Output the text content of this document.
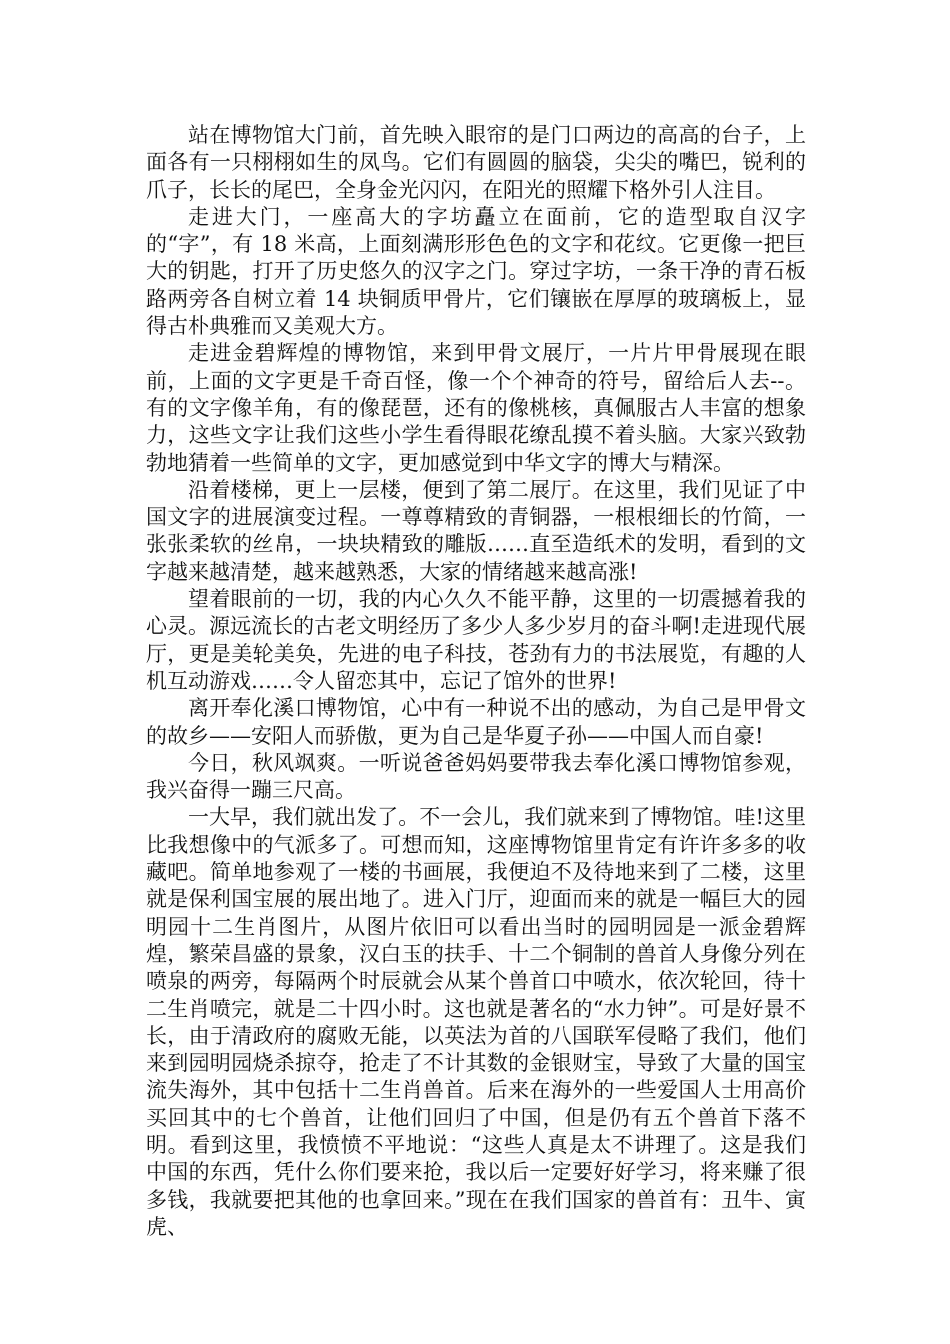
站在博物馆大门前，首先映入眼帘的是门口两边的高高的台子，上面各有一只栩栩如生的凤鸟。它们有圆圆的脑袋，尖尖的嘴巴，锐利的爪子，长长的尾巴，全身金光闪闪，在阳光的照耀下格外引人注目。

走进大门，一座高大的字坊矗立在面前，它的造型取自汉字的“字”，有 18 米高，上面刻满形形色色的文字和花纹。它更像一把巨大的钥匙，打开了历史悠久的汉字之门。穿过字坊，一条干净的青石板路两旁各自树立着 14 块铜质甲骨片，它们镶嵌在厚厚的玻璃板上，显得古朴典雅而又美观大方。

走进金碧辉煌的博物馆，来到甲骨文展厅，一片片甲骨展现在眼前，上面的文字更是千奇百怪，像一个个神奇的符号，留给后人去--。有的文字像羊角，有的像琵琶，还有的像桃核，真佩服古人丰富的想象力，这些文字让我们这些小学生看得眼花缭乱摸不着头脑。大家兴致勃勃地猜着一些简单的文字，更加感觉到中华文字的博大与精深。

沿着楼梯，更上一层楼，便到了第二展厅。在这里，我们见证了中国文字的进展演变过程。一尊尊精致的青铜器，一根根细长的竹简，一张张柔软的丝帛，一块块精致的雕版……直至造纸术的发明，看到的文字越来越清楚，越来越熟悉，大家的情绪越来越高涨!

望着眼前的一切，我的内心久久不能平静，这里的一切震撼着我的心灵。源远流长的古老文明经历了多少人多少岁月的奋斗啊!走进现代展厅，更是美轮美奂，先进的电子科技，苍劲有力的书法展览，有趣的人机互动游戏……令人留恋其中，忘记了馆外的世界!

离开奉化溪口博物馆，心中有一种说不出的感动，为自己是甲骨文的故乡——安阳人而骄傲，更为自己是华夏子孙——中国人而自豪!

今日，秋风飒爽。一听说爸爸妈妈要带我去奉化溪口博物馆参观，我兴奋得一蹦三尺高。

一大早，我们就出发了。不一会儿，我们就来到了博物馆。哇!这里比我想像中的气派多了。可想而知，这座博物馆里肯定有许许多多的收藏吧。简单地参观了一楼的书画展，我便迫不及待地来到了二楼，这里就是保利国宝展的展出地了。进入门厅，迎面而来的就是一幅巨大的园明园十二生肖图片，从图片依旧可以看出当时的园明园是一派金碧辉煌，繁荣昌盛的景象，汉白玉的扶手、十二个铜制的兽首人身像分列在喷泉的两旁，每隔两个时辰就会从某个兽首口中喷水，依次轮回，待十二生肖喷完，就是二十四小时。这也就是著名的“水力钟”。可是好景不长，由于清政府的腐败无能，以英法为首的八国联军侵略了我们，他们来到园明园烧杀掠夺，抢走了不计其数的金银财宝，导致了大量的国宝流失海外，其中包括十二生肖兽首。后来在海外的一些爱国人士用高价买回其中的七个兽首，让他们回归了中国，但是仍有五个兽首下落不明。看到这里，我愤愤不平地说：“这些人真是太不讲理了。这是我们中国的东西，凭什么你们要来抢，我以后一定要好好学习，将来赚了很多钱，我就要把其他的也拿回来。”现在在我们国家的兽首有：丑牛、寅虎、
